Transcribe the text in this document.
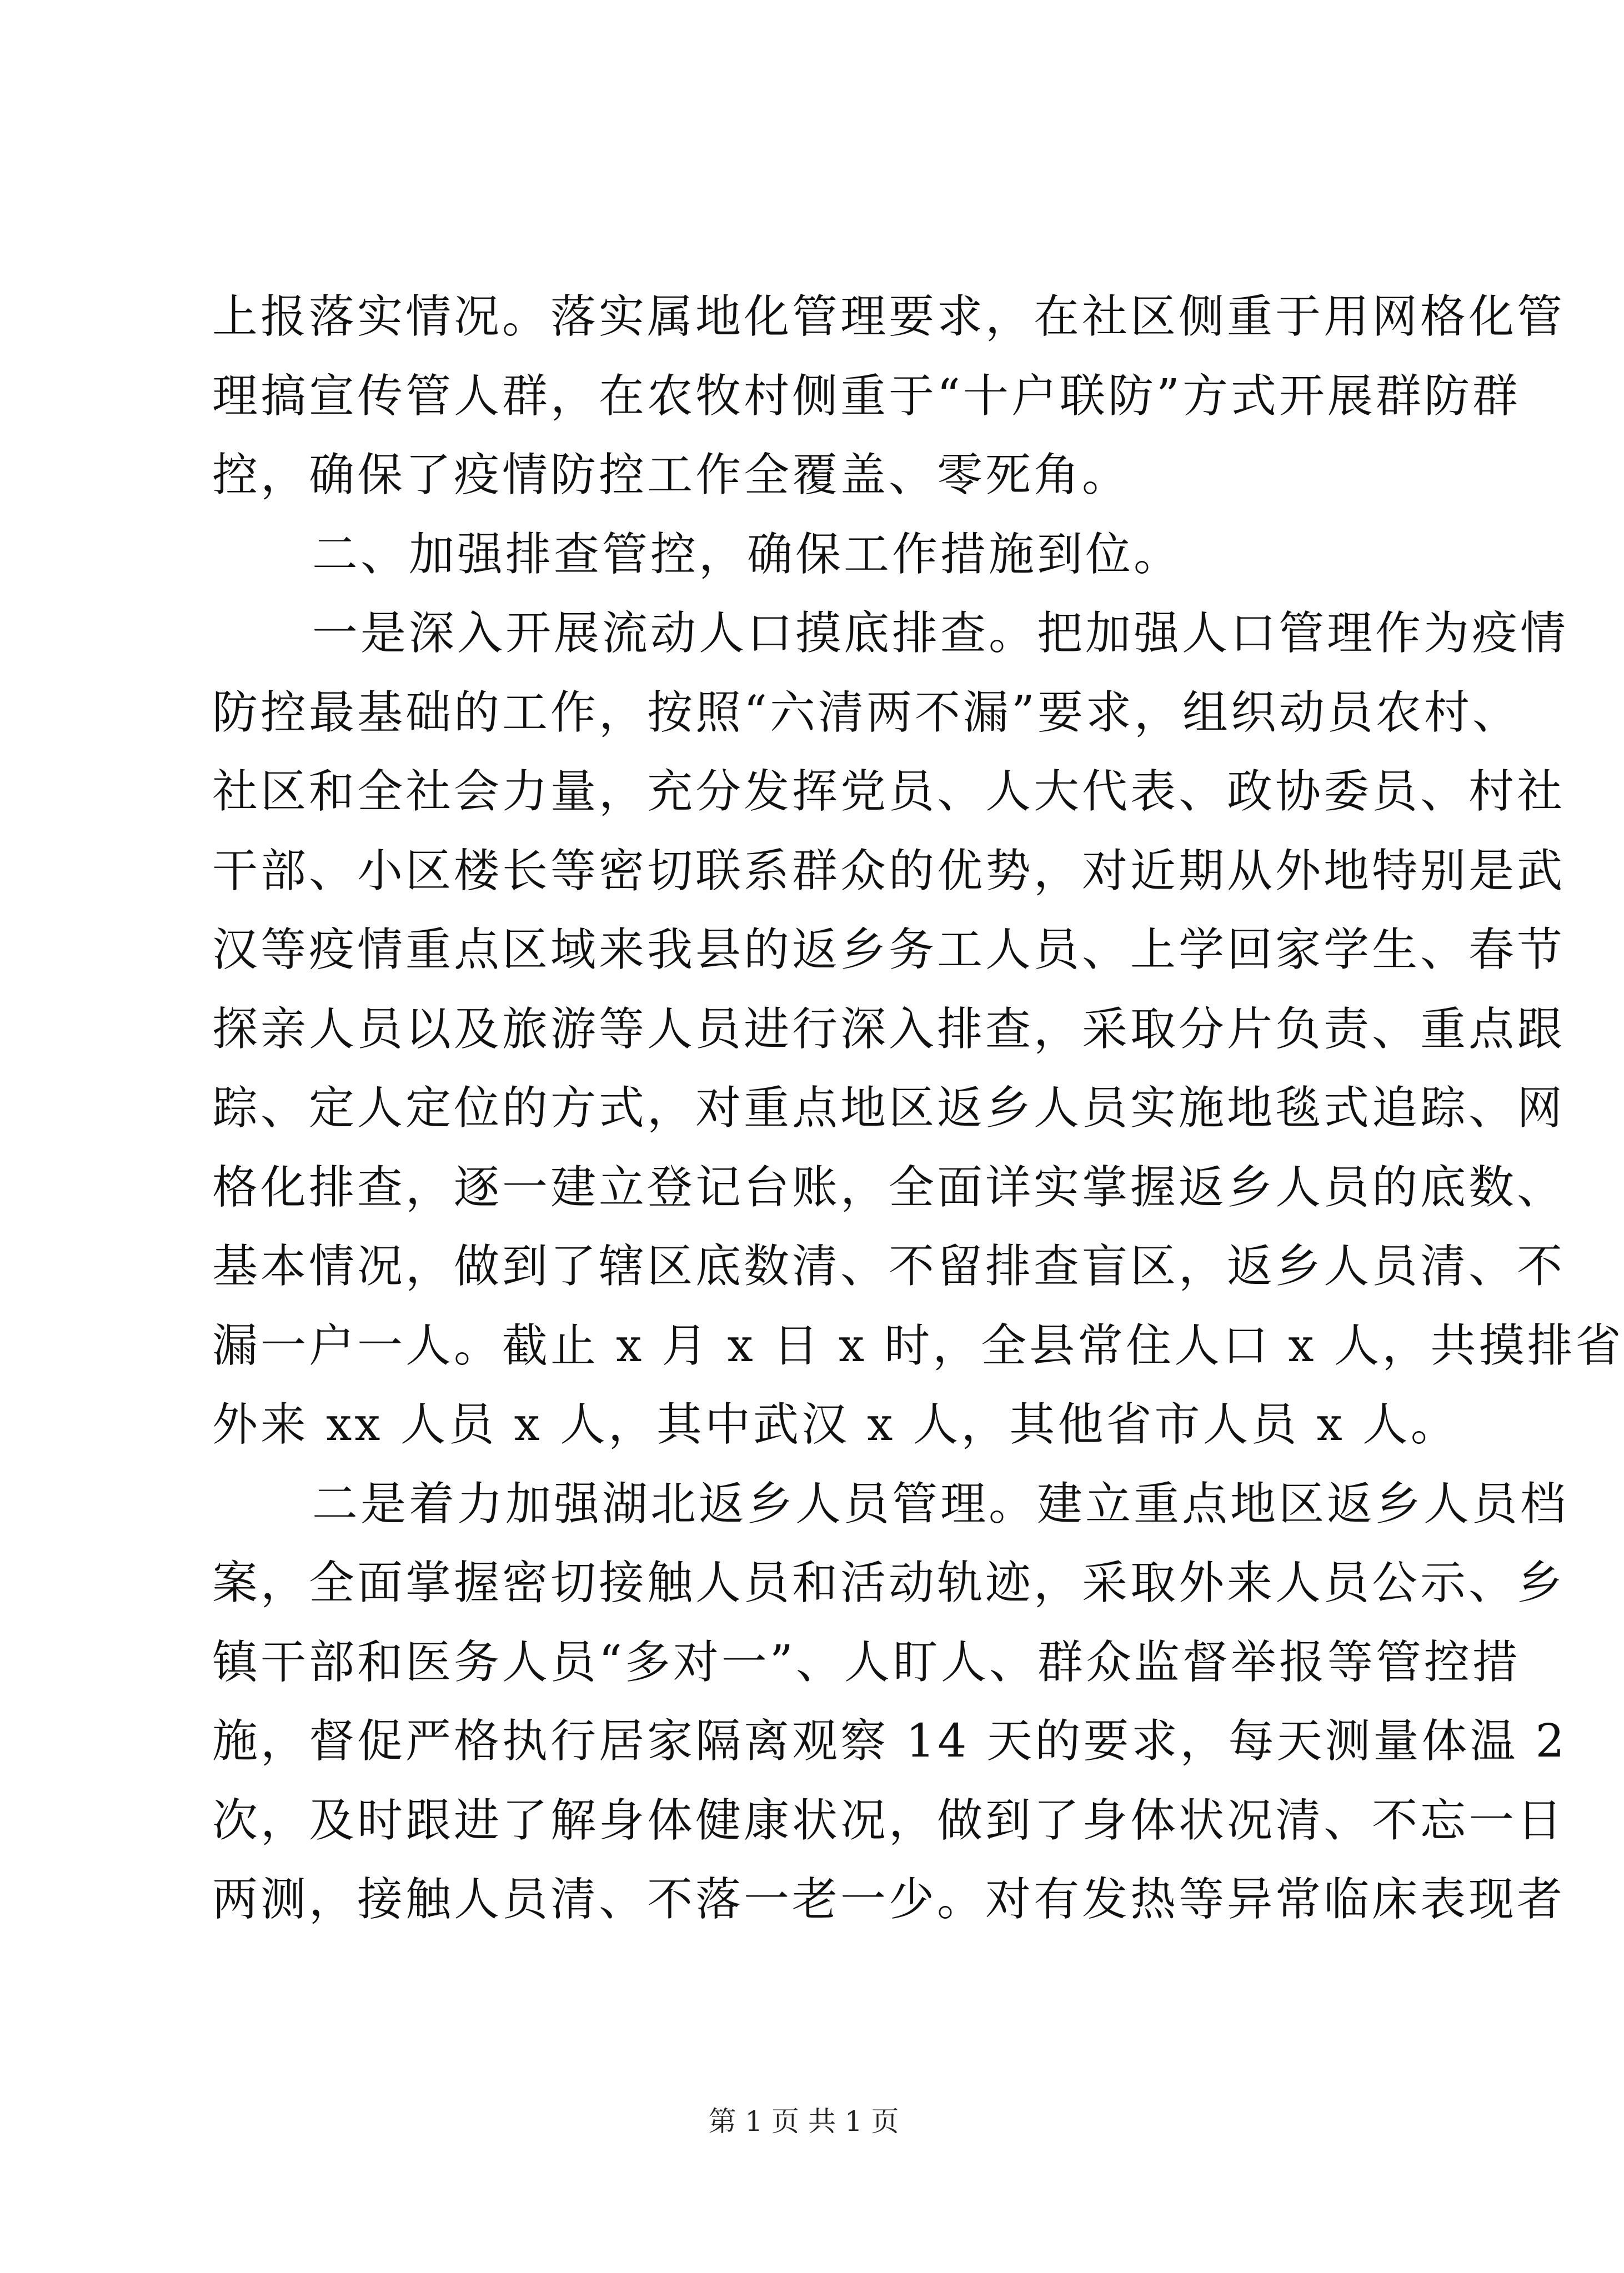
上报落实情况。落实属地化管理要求，在社区侧重于用网格化管
理搞宣传管人群，在农牧村侧重于“十户联防”方式开展群防群
控，确保了疫情防控工作全覆盖、零死角。
二、加强排查管控，确保工作措施到位。
一是深入开展流动人口摸底排查。把加强人口管理作为疫情
防控最基础的工作，按照“六清两不漏”要求，组织动员农村、
社区和全社会力量，充分发挥党员、人大代表、政协委员、村社
干部、小区楼长等密切联系群众的优势，对近期从外地特别是武
汉等疫情重点区域来我县的返乡务工人员、上学回家学生、春节
探亲人员以及旅游等人员进行深入排查，采取分片负责、重点跟
踪、定人定位的方式，对重点地区返乡人员实施地毯式追踪、网
格化排查，逐一建立登记台账，全面详实掌握返乡人员的底数、
基本情况，做到了辖区底数清、不留排查盲区，返乡人员清、不
漏一户一人。截止 x 月 x 日 x 时，全县常住人口 x 人，共摸排省
外来 xx 人员 x 人，其中武汉 x 人，其他省市人员 x 人。
二是着力加强湖北返乡人员管理。建立重点地区返乡人员档
案，全面掌握密切接触人员和活动轨迹，采取外来人员公示、乡
镇干部和医务人员“多对一”、人盯人、群众监督举报等管控措
施，督促严格执行居家隔离观察 14 天的要求，每天测量体温 2
次，及时跟进了解身体健康状况，做到了身体状况清、不忘一日
两测，接触人员清、不落一老一少。对有发热等异常临床表现者
第 1 页 共 1 页
